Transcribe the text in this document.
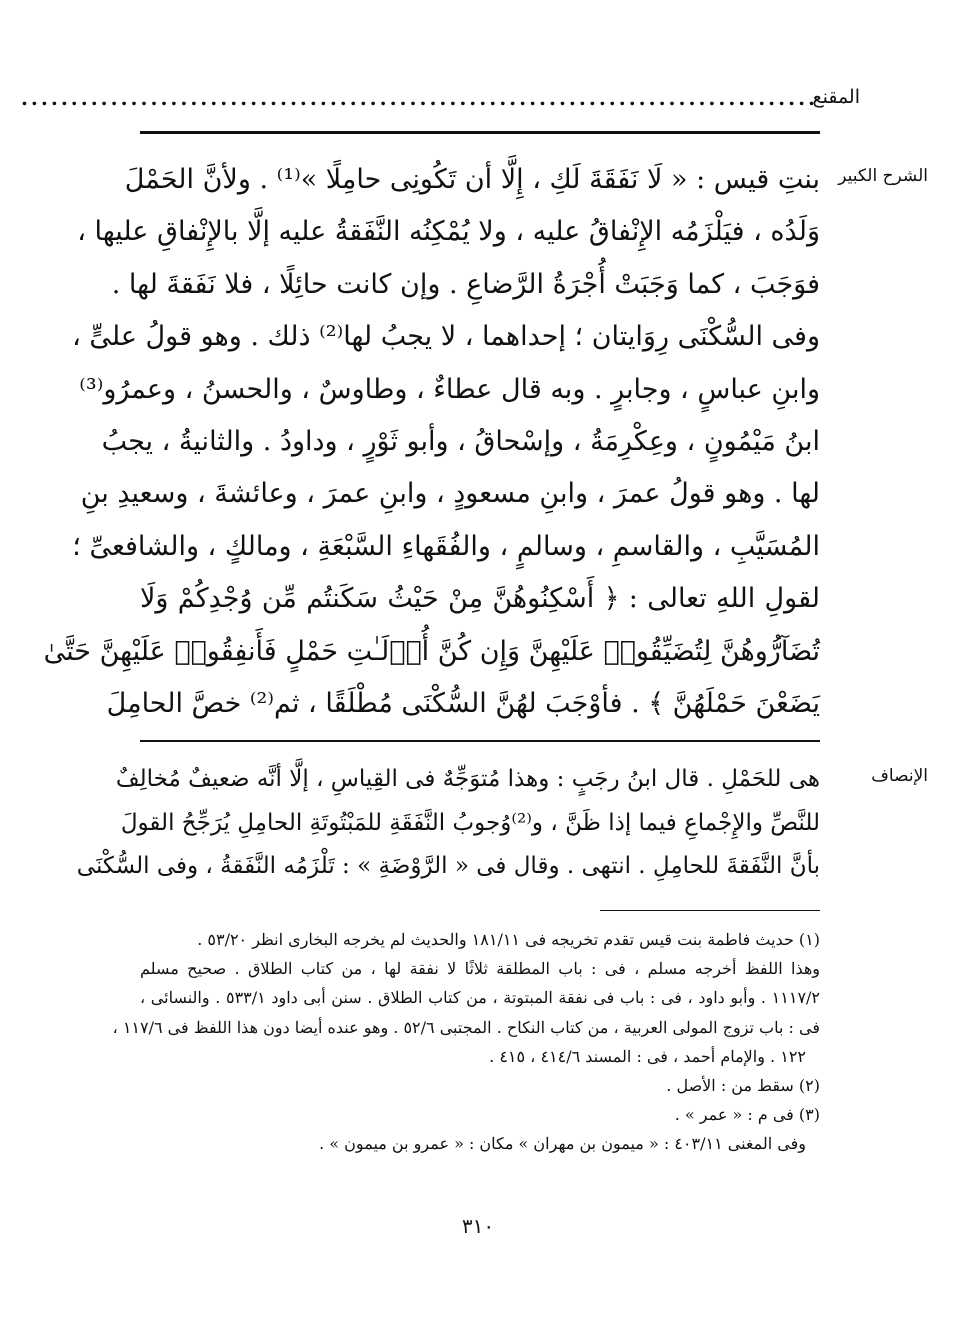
المقنع
................................................................................
الشرح الكبير
بنتِ قيس : « لَا نَفَقَةَ لَكِ ، إِلَّا أن تَكُونِى حامِلًا »⁽¹⁾ . ولأنَّ الحَمْلَ
وَلَدُه ، فيَلْزَمُه الإِنْفاقُ عليه ، ولا يُمْكِنُه النَّفَقةُ عليه إلَّا بالإِنْفاقِ عليها ،
فوَجَبَ ، كما وَجَبَتْ أُجْرَةُ الرَّضاعِ . وإن كانت حائِلًا ، فلا نَفَقةَ لها .
وفى السُّكْنَى رِوَايتان ؛ إحداهما ، لا يجبُ لها⁽²⁾ ذلك . وهو قولُ علىٍّ ،
وابنِ عباسٍ ، وجابرٍ . وبه قال عطاءٌ ، وطاوسٌ ، والحسنُ ، وعمرُو⁽³⁾
ابنُ مَيْمُونٍ ، وعِكْرِمَةُ ، وإسْحاقُ ، وأبو ثَوْرٍ ، وداودُ . والثانيةُ ، يجبُ
لها . وهو قولُ عمرَ ، وابنِ مسعودٍ ، وابنِ عمرَ ، وعائشةَ ، وسعيدِ بنِ
المُسَيَّبِ ، والقاسمِ ، وسالمٍ ، والفُقَهاءِ السَّبْعَةِ ، ومالكٍ ، والشافعىِّ ؛
لقولِ اللهِ تعالى : ﴿ أَسْكِنُوهُنَّ مِنْ حَيْثُ سَكَنتُم مِّن وُجْدِكُمْ وَلَا
تُضَآرُّوهُنَّ لِتُضَيِّقُوا۟ عَلَيْهِنَّ وَإِن كُنَّ أُو۟لَـٰتِ حَمْلٍ فَأَنفِقُوا۟ عَلَيْهِنَّ حَتَّىٰ
يَضَعْنَ حَمْلَهُنَّ ﴾ . فأوْجَبَ لهُنَّ السُّكْنَى مُطْلَقًا ، ثم⁽²⁾ خصَّ الحامِلَ
الإنصاف
هى للحَمْلِ . قال ابنُ رجَبٍ : وهذا مُتوَجِّهٌ فى القِياسِ ، إلَّا أنَّه ضعيفٌ مُخالِفٌ
للنَّصِّ والإِجْماعِ فيما إذا ظَنَّ ، و⁽²⁾وُجوبُ النَّفَقَةِ للمَبْتُوتَةِ الحامِلِ يُرَجِّحُ القولَ
بأنَّ النَّفَقةَ للحامِلِ . انتهى . وقال فى « الرَّوْضَةِ » : تَلْزَمُه النَّفَقةُ ، وفى السُّكْنَى
(١) حديث فاطمة بنت قيس تقدم تخريجه فى ١٨١/١١ والحديث لم يخرجه البخارى انظر ٥٣/٢٠ .
وهذا اللفظ أخرجه مسلم ، فى : باب المطلقة ثلاثًا لا نفقة لها ، من كتاب الطلاق . صحيح مسلم
١١١٧/٢ . وأبو داود ، فى : باب فى نفقة المبتوتة ، من كتاب الطلاق . سنن أبى داود ٥٣٣/١ . والنسائى ،
فى : باب تزوج المولى العربية ، من كتاب النكاح . المجتبى ٥٢/٦ . وهو عنده أيضا دون هذا اللفظ فى ١١٧/٦ ،
١٢٢ . والإمام أحمد ، فى : المسند ٤١٤/٦ ، ٤١٥ .
(٢) سقط من : الأصل .
(٣) فى م : « عمر » .
وفى المغنى ٤٠٣/١١ : « ميمون بن مهران » مكان : « عمرو بن ميمون » .
٣١٠
